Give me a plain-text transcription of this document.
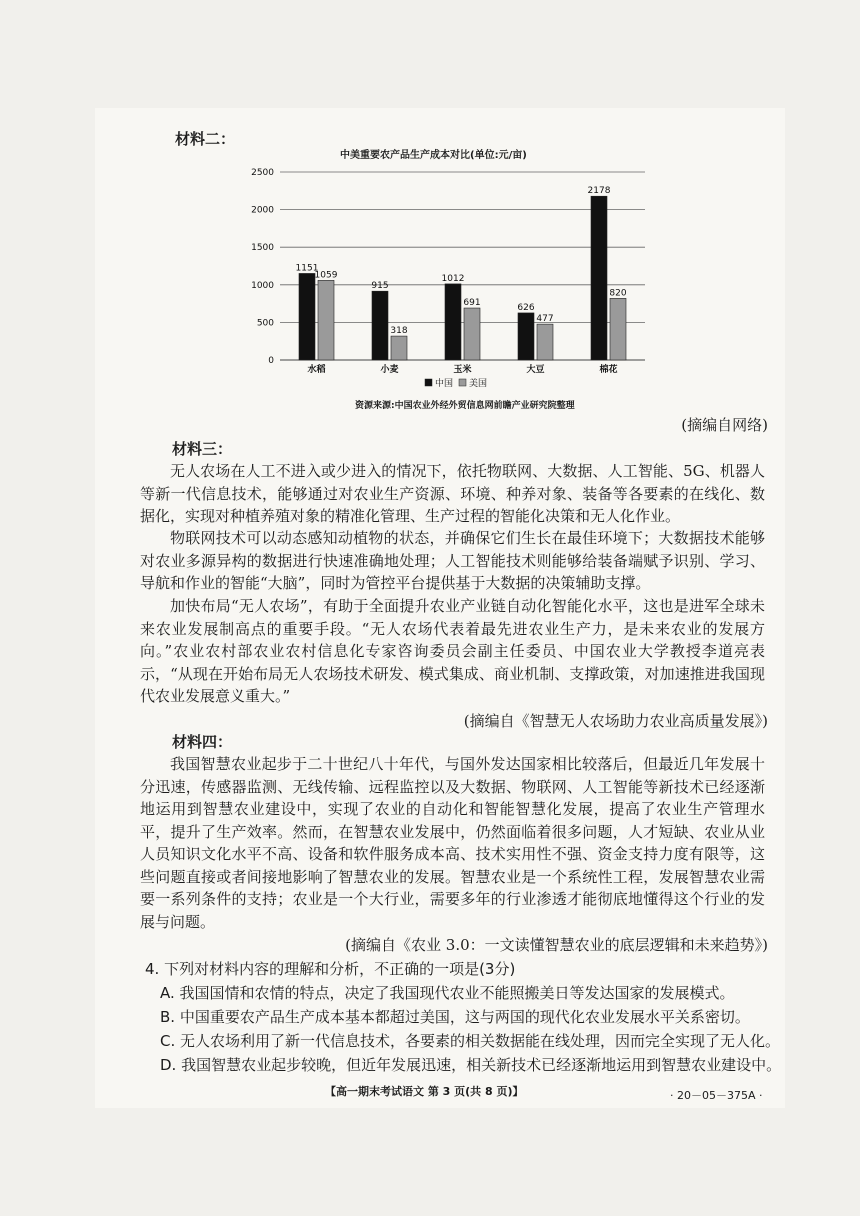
材料二：
中美重要农产品生产成本对比(单位:元/亩)
0
500
1000
1500
2000
2500
1151
1059
水稻
915
318
小麦
1012
691
玉米
626
477
大豆
2178
820
棉花
中国 美国
资源来源:中国农业外经外贸信息网前瞻产业研究院整理
(摘编自网络)
材料三：

无人农场在人工不进入或少进入的情况下，依托物联网、大数据、人工智能、5G、机器人等新一代信息技术，能够通过对农业生产资源、环境、种养对象、装备等各要素的在线化、数据化，实现对种植养殖对象的精准化管理、生产过程的智能化决策和无人化作业。

物联网技术可以动态感知动植物的状态，并确保它们生长在最佳环境下；大数据技术能够对农业多源异构的数据进行快速准确地处理；人工智能技术则能够给装备端赋予识别、学习、导航和作业的智能“大脑”，同时为管控平台提供基于大数据的决策辅助支撑。

加快布局“无人农场”，有助于全面提升农业产业链自动化智能化水平，这也是进军全球未来农业发展制高点的重要手段。“无人农场代表着最先进农业生产力，是未来农业的发展方向。”农业农村部农业农村信息化专家咨询委员会副主任委员、中国农业大学教授李道亮表示，“从现在开始布局无人农场技术研发、模式集成、商业机制、支撑政策，对加速推进我国现代农业发展意义重大。”

(摘编自《智慧无人农场助力农业高质量发展》)
材料四：

我国智慧农业起步于二十世纪八十年代，与国外发达国家相比较落后，但最近几年发展十分迅速，传感器监测、无线传输、远程监控以及大数据、物联网、人工智能等新技术已经逐渐地运用到智慧农业建设中，实现了农业的自动化和智能智慧化发展，提高了农业生产管理水平，提升了生产效率。然而，在智慧农业发展中，仍然面临着很多问题，人才短缺、农业从业人员知识文化水平不高、设备和软件服务成本高、技术实用性不强、资金支持力度有限等，这些问题直接或者间接地影响了智慧农业的发展。智慧农业是一个系统性工程，发展智慧农业需要一系列条件的支持；农业是一个大行业，需要多年的行业渗透才能彻底地懂得这个行业的发展与问题。

(摘编自《农业 3.0：一文读懂智慧农业的底层逻辑和未来趋势》)
4. 下列对材料内容的理解和分析，不正确的一项是(3分)
A. 我国国情和农情的特点，决定了我国现代农业不能照搬美日等发达国家的发展模式。
B. 中国重要农产品生产成本基本都超过美国，这与两国的现代化农业发展水平关系密切。
C. 无人农场利用了新一代信息技术，各要素的相关数据能在线处理，因而完全实现了无人化。
D. 我国智慧农业起步较晚，但近年发展迅速，相关新技术已经逐渐地运用到智慧农业建设中。
【高一期末考试语文 第 3 页(共 8 页)】	· 20－05－375A ·
